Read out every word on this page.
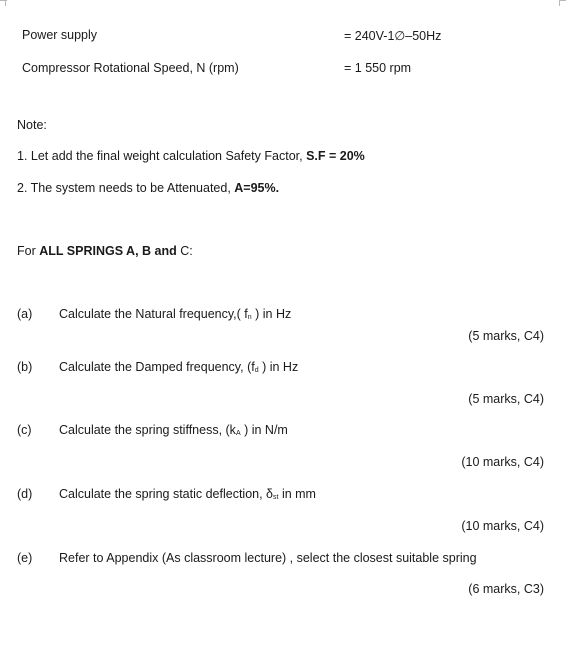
Power supply	= 240V-1∅–50Hz
Compressor Rotational Speed, N (rpm)	= 1 550 rpm
Note:
1. Let add the final weight calculation Safety Factor, S.F = 20%
2. The system needs to be Attenuated, A=95%.
For ALL SPRINGS A, B and C:
(a) Calculate the Natural frequency,( $f_n$ ) in Hz
(5 marks, C4)
(b) Calculate the Damped frequency, ($f_d$ ) in Hz
(5 marks, C4)
(c) Calculate the spring stiffness, ($k_A$ ) in N/m
(10 marks, C4)
(d) Calculate the spring static deflection, $\delta_{st}$ in mm
(10 marks, C4)
(e) Refer to Appendix (As classroom lecture) , select the closest suitable spring
(6 marks, C3)
